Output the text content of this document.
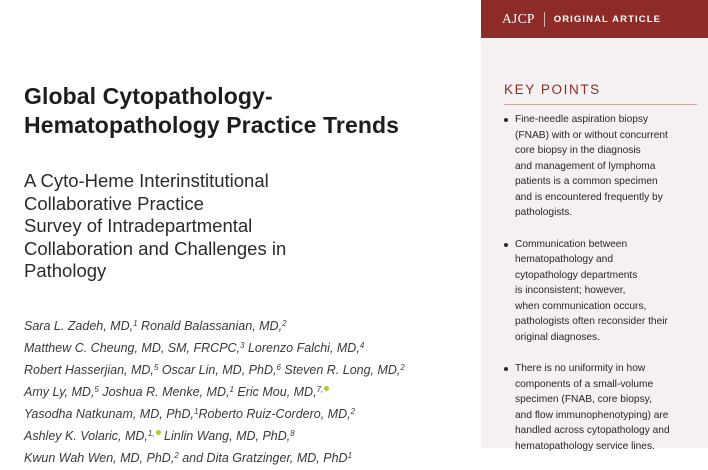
Global Cytopathology-
Hematopathology Practice Trends
A Cyto-Heme Interinstitutional
Collaborative Practice
Survey of Intradepartmental
Collaboration and Challenges in
Pathology
Sara L. Zadeh, MD,$^1$ Ronald Balassanian, MD,$^2$
Matthew C. Cheung, MD, SM, FRCPC,$^3$ Lorenzo Falchi, MD,$^4$
Robert Hasserjian, MD,$^5$ Oscar Lin, MD, PhD,$^6$ Steven R. Long, MD,$^2$
Amy Ly, MD,$^5$ Joshua R. Menke, MD,$^1$ Eric Mou, MD,$^{7,}$
Yasodha Natkunam, MD, PhD,$^1$Roberto Ruiz-Cordero, MD,$^2$
Ashley K. Volaric, MD,$^{1,}$ Linlin Wang, MD, PhD,$^8$
Kwun Wah Wen, MD, PhD,$^2$ and Dita Gratzinger, MD, PhD$^1$
AJCP ORIGINAL ARTICLE
KEY POINTS
Fine-needle aspiration biopsy
(FNAB) with or without concurrent
core biopsy in the diagnosis
and management of lymphoma
patients is a common specimen
and is encountered frequently by
pathologists.
Communication between
hematopathology and
cytopathology departments
is inconsistent; however,
when communication occurs,
pathologists often reconsider their
original diagnoses.
There is no uniformity in how
components of a small-volume
specimen (FNAB, core biopsy,
and flow immunophenotyping) are
handled across cytopathology and
hematopathology service lines.
